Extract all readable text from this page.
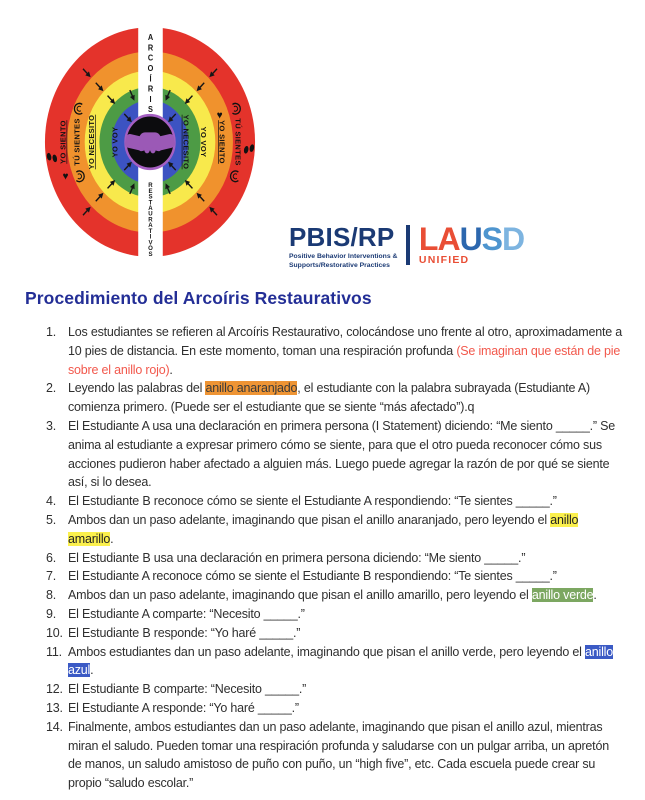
A
R
C
O
Í
R
I
S
R
E
S
T
A
U
R
A
T
I
V
O
S
YO SIENTO TÚ SIENTES YO NECESITO YO VOY	YO NECESITO YO VOY YO SIENTO TÚ SIENTES
♥
♥
PBIS/RP
Positive Behavior Interventions &
Supports/Restorative Practices
LAUSD
UNIFIED
Procedimiento del Arcoíris Restaurativos
1. Los estudiantes se refieren al Arcoíris Restaurativo, colocándose uno frente al otro, aproximadamente a 10 pies de distancia. En este momento, toman una respiración profunda (Se imaginan que están de pie sobre el anillo rojo).
2. Leyendo las palabras del anillo anaranjado, el estudiante con la palabra subrayada (Estudiante A) comienza primero. (Puede ser el estudiante que se siente “más afectado”).q
3. El Estudiante A usa una declaración en primera persona (I Statement) diciendo: “Me siento _____.” Se anima al estudiante a expresar primero cómo se siente, para que el otro pueda reconocer cómo sus acciones pudieron haber afectado a alguien más. Luego puede agregar la razón de por qué se siente así, si lo desea.
4. El Estudiante B reconoce cómo se siente el Estudiante A respondiendo: “Te sientes _____.”
5. Ambos dan un paso adelante, imaginando que pisan el anillo anaranjado, pero leyendo el anillo amarillo.
6. El Estudiante B usa una declaración en primera persona diciendo: “Me siento _____.”
7. El Estudiante A reconoce cómo se siente el Estudiante B respondiendo: “Te sientes _____.”
8. Ambos dan un paso adelante, imaginando que pisan el anillo amarillo, pero leyendo el anillo verde.
9. El Estudiante A comparte: “Necesito _____.”
10. El Estudiante B responde: “Yo haré _____.”
11. Ambos estudiantes dan un paso adelante, imaginando que pisan el anillo verde, pero leyendo el anillo azul.
12. El Estudiante B comparte: “Necesito _____.”
13. El Estudiante A responde: “Yo haré _____.”
14. Finalmente, ambos estudiantes dan un paso adelante, imaginando que pisan el anillo azul, mientras miran el saludo. Pueden tomar una respiración profunda y saludarse con un pulgar arriba, un apretón de manos, un saludo amistoso de puño con puño, un “high five”, etc. Cada escuela puede crear su propio “saludo escolar.”
